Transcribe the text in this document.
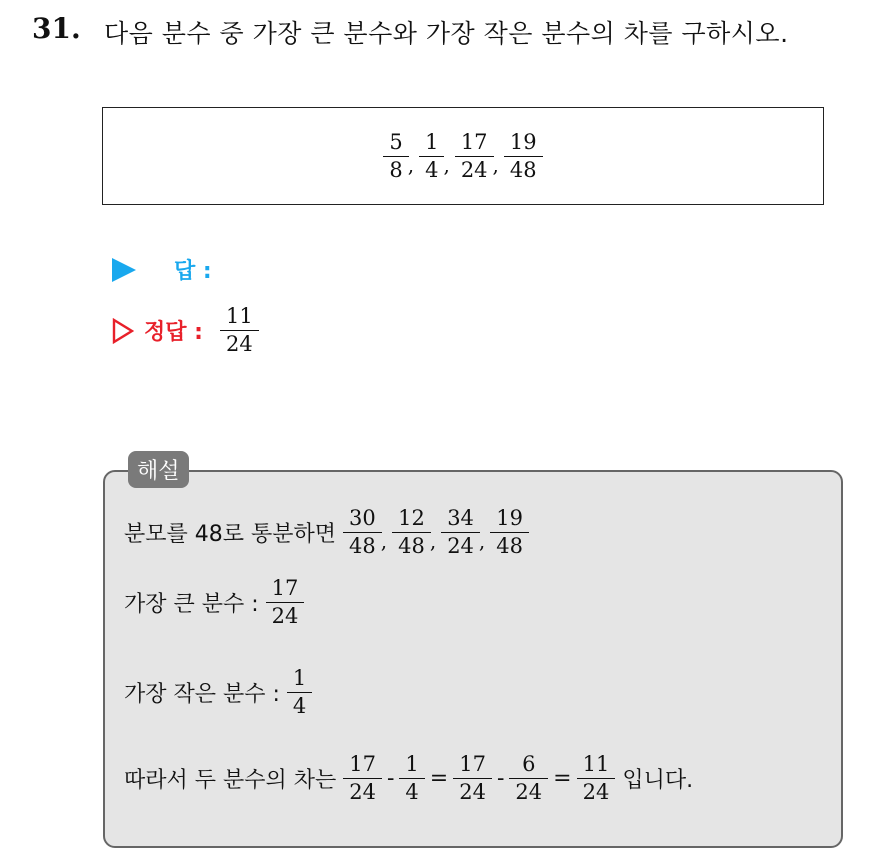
31. 다음 분수 중 가장 큰 분수와 가장 작은 분수의 차를 구하시오.
$\frac{5}{8}$ , $\frac{1}{4}$ , $\frac{17}{24}$ , $\frac{19}{48}$
답 :
정답 : $\frac{11}{24}$
해설
분모를 48로 통분하면 $\frac{30}{48}$ , $\frac{12}{48}$ , $\frac{34}{24}$ , $\frac{19}{48}$
가장 큰 분수 : $\frac{17}{24}$
가장 작은 분수 : $\frac{1}{4}$
따라서 두 분수의 차는 $\frac{17}{24} - \frac{1}{4} = \frac{17}{24} - \frac{6}{24} = \frac{11}{24}$ 입니다.
